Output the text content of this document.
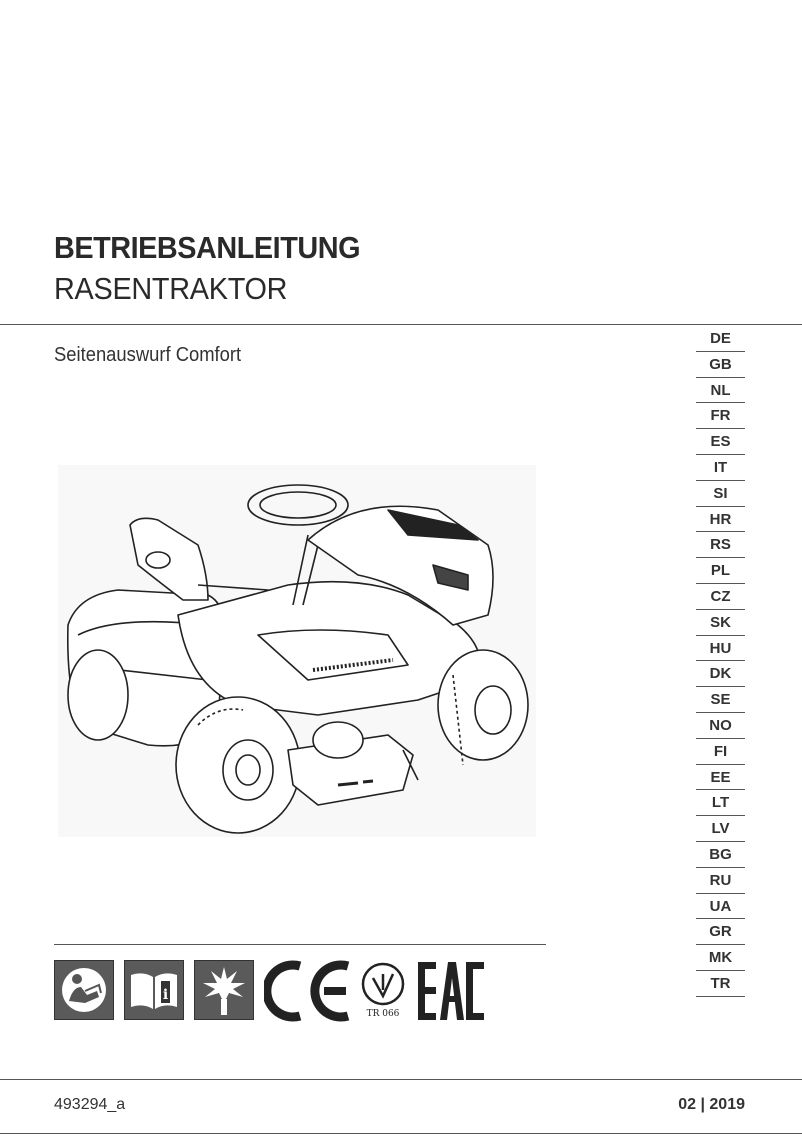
BETRIEBSANLEITUNG
RASENTRAKTOR
Seitenauswurf Comfort
DE
GB
NL
FR
ES
IT
SI
HR
RS
PL
CZ
SK
HU
DK
SE
NO
FI
EE
LT
LV
BG
RU
UA
GR
MK
TR
i
TR 066
493294_a	02 | 2019
